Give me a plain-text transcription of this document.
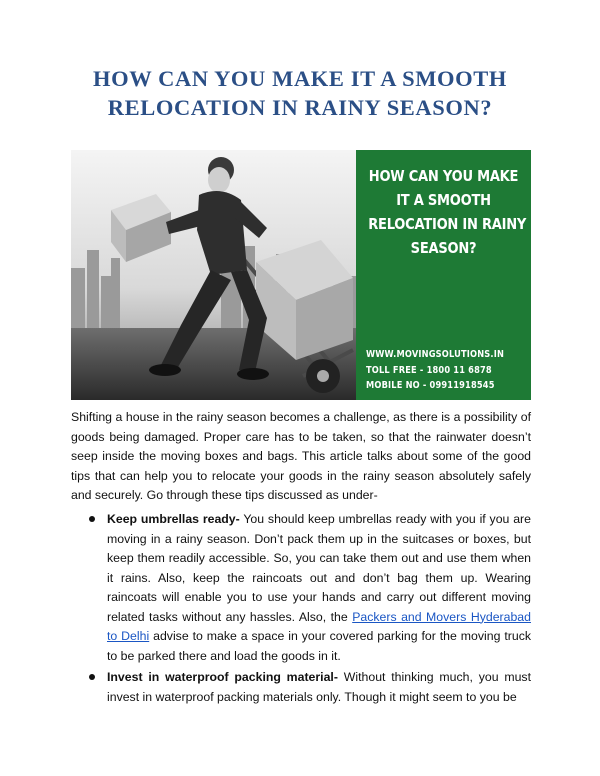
HOW CAN YOU MAKE IT A SMOOTH
RELOCATION IN RAINY SEASON?
HOW CAN YOU MAKE
IT A SMOOTH
RELOCATION IN RAINY
SEASON?
WWW.MOVINGSOLUTIONS.IN
TOLL FREE - 1800 11 6878
MOBILE NO - 09911918545
Shifting a house in the rainy season becomes a challenge, as there is a possibility of goods being damaged. Proper care has to be taken, so that the rainwater doesn’t seep inside the moving boxes and bags. This article talks about some of the good tips that can help you to relocate your goods in the rainy season absolutely safely and securely. Go through these tips discussed as under-
Keep umbrellas ready- You should keep umbrellas ready with you if you are moving in a rainy season. Don’t pack them up in the suitcases or boxes, but keep them readily accessible. So, you can take them out and use them when it rains. Also, keep the raincoats out and don’t bag them up. Wearing raincoats will enable you to use your hands and carry out different moving related tasks without any hassles. Also, the Packers and Movers Hyderabad to Delhi advise to make a space in your covered parking for the moving truck to be parked there and load the goods in it.
Invest in waterproof packing material- Without thinking much, you must invest in waterproof packing materials only. Though it might seem to you be
